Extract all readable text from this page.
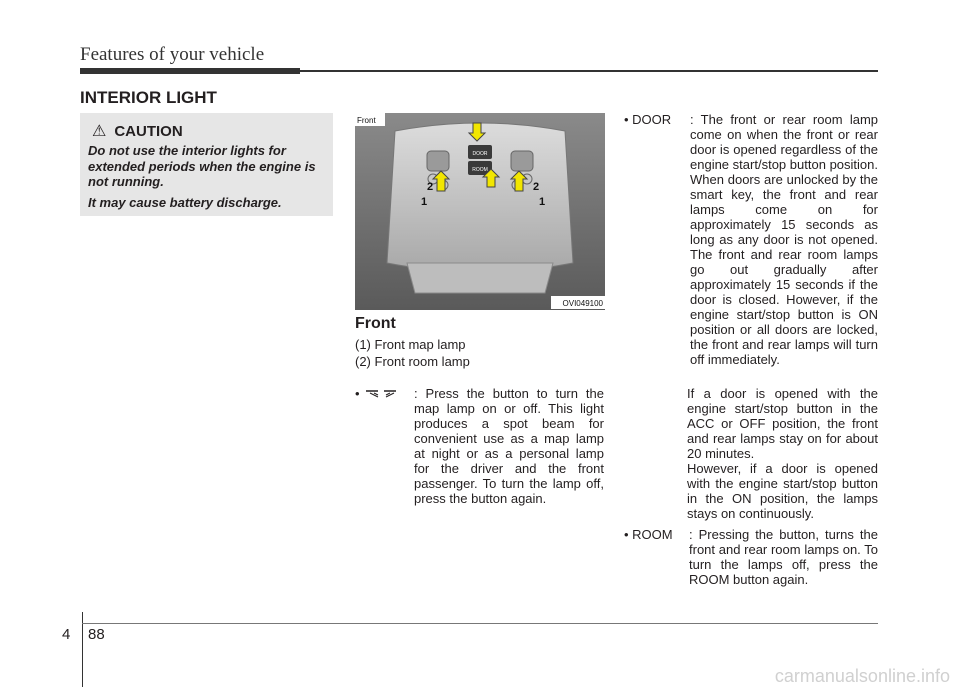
Features of your vehicle
INTERIOR LIGHT
⚠ CAUTION

Do not use the interior lights for extended periods when the engine is not running.

It may cause battery discharge.

DOOR
ROOM
2
1
2
1
Front
OVI049100
Front
(1) Front map lamp
(2) Front room lamp
•	: Press the button to turn the map lamp on or off. This light produces a spot beam for convenient use as a map lamp at night or as a personal lamp for the driver and the front passenger. To turn the lamp off, press the button again.
• DOOR : The front or rear room lamp come on when the front or rear door is opened regardless of the engine start/stop button position. When doors are unlocked by the smart key, the front and rear lamps come on for approximately 15 seconds as long as any door is not opened. The front and rear room lamps go out gradually after approximately 15 seconds if the door is closed. However, if the engine start/stop button is ON position or all doors are locked, the front and rear lamps will turn off immediately.
If a door is opened with the engine start/stop button in the ACC or OFF position, the front and rear lamps stay on for about 20 minutes.
However, if a door is opened with the engine start/stop button in the ON position, the lamps stays on continuously.
• ROOM : Pressing the button, turns the front and rear room lamps on. To turn the lamps off, press the ROOM button again.
4 88
carmanualsonline.info
